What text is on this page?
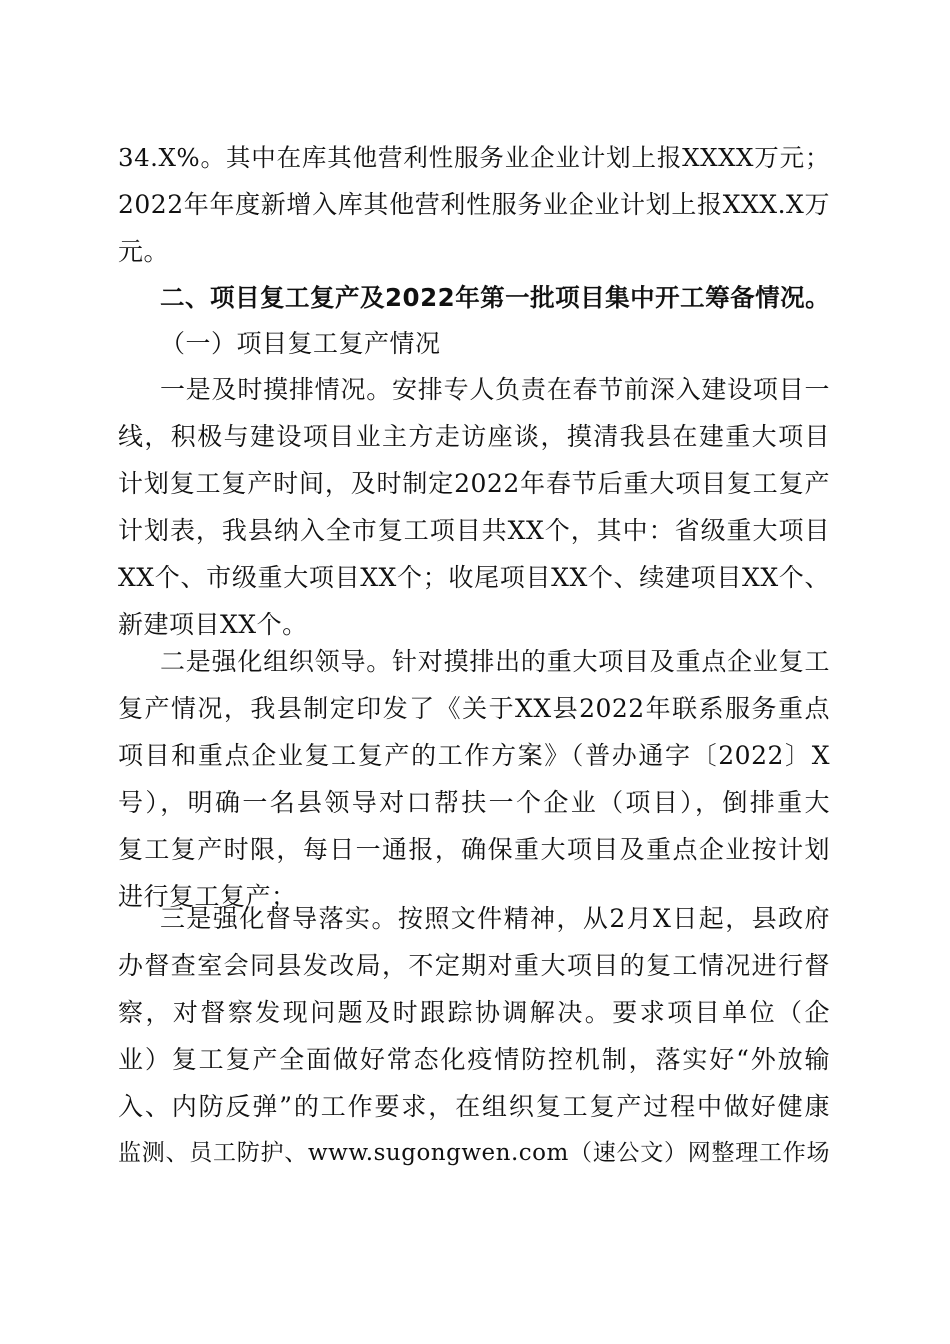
34.X%。其中在库其他营利性服务业企业计划上报XXXX万元；
2022年年度新增入库其他营利性服务业企业计划上报XXX.X万
元。
二、项目复工复产及2022年第一批项目集中开工筹备情况。
（一）项目复工复产情况
一是及时摸排情况。安排专人负责在春节前深入建设项目一
线，积极与建设项目业主方走访座谈，摸清我县在建重大项目
计划复工复产时间，及时制定2022年春节后重大项目复工复产
计划表，我县纳入全市复工项目共XX个，其中：省级重大项目
XX个、市级重大项目XX个；收尾项目XX个、续建项目XX个、
新建项目XX个。
二是强化组织领导。针对摸排出的重大项目及重点企业复工
复产情况，我县制定印发了《关于XX县2022年联系服务重点
项目和重点企业复工复产的工作方案》（普办通字〔2022〕X
号），明确一名县领导对口帮扶一个企业（项目），倒排重大
复工复产时限，每日一通报，确保重大项目及重点企业按计划
进行复工复产；
三是强化督导落实。按照文件精神，从2月X日起，县政府
办督查室会同县发改局，不定期对重大项目的复工情况进行督
察，对督察发现问题及时跟踪协调解决。要求项目单位（企
业）复工复产全面做好常态化疫情防控机制，落实好“外放输
入、内防反弹”的工作要求，在组织复工复产过程中做好健康
监测、员工防护、www.sugongwen.com（速公文）网整理工作场
